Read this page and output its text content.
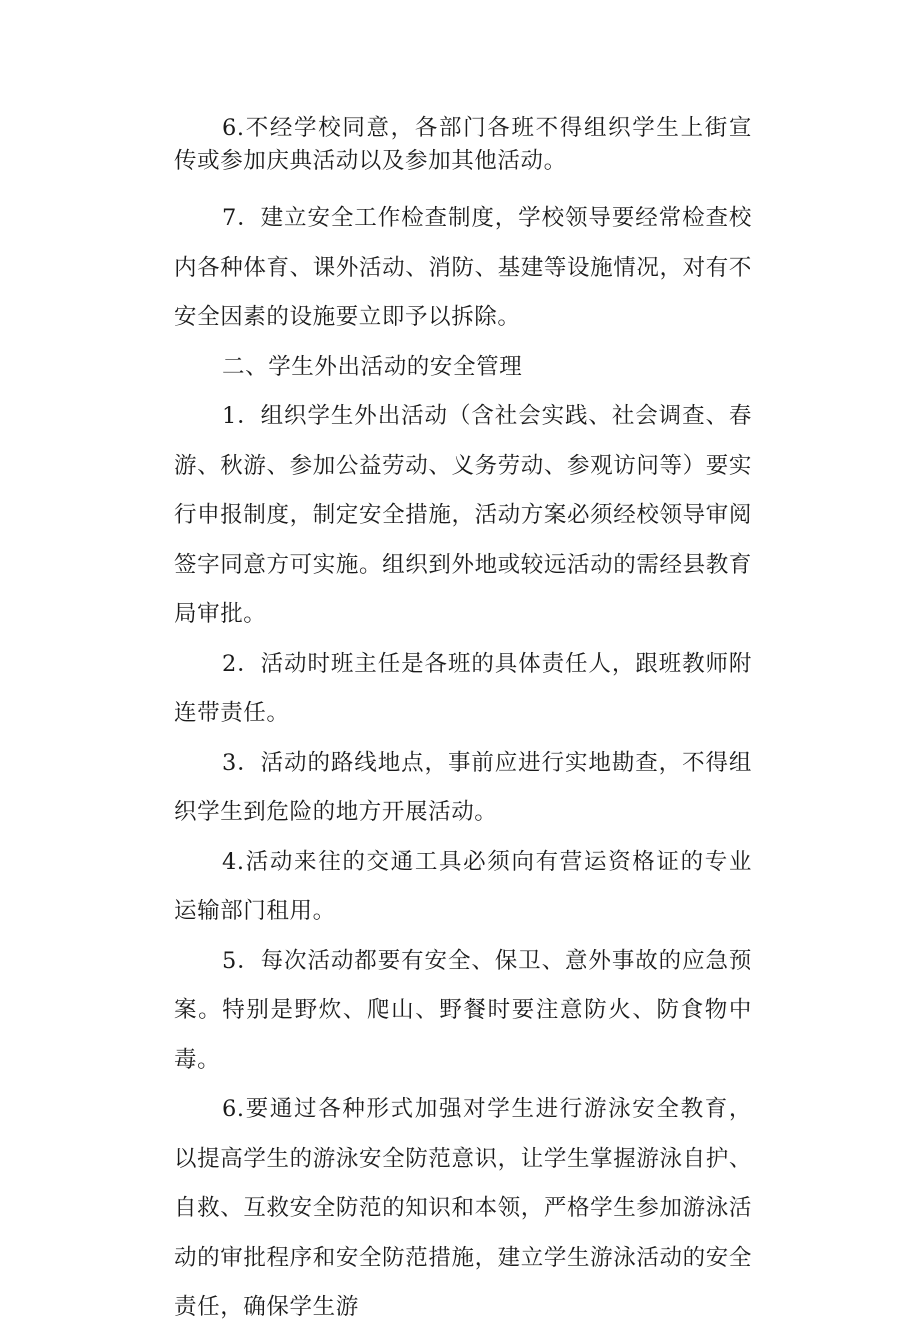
6.不经学校同意，各部门各班不得组织学生上街宣传或参加庆典活动以及参加其他活动。

7．建立安全工作检查制度，学校领导要经常检查校内各种体育、课外活动、消防、基建等设施情况，对有不安全因素的设施要立即予以拆除。

二、学生外出活动的安全管理

1．组织学生外出活动（含社会实践、社会调查、春游、秋游、参加公益劳动、义务劳动、参观访问等）要实行申报制度，制定安全措施，活动方案必须经校领导审阅签字同意方可实施。组织到外地或较远活动的需经县教育局审批。

2．活动时班主任是各班的具体责任人，跟班教师附连带责任。

3．活动的路线地点，事前应进行实地勘查，不得组织学生到危险的地方开展活动。

4.活动来往的交通工具必须向有营运资格证的专业运输部门租用。

5．每次活动都要有安全、保卫、意外事故的应急预案。特别是野炊、爬山、野餐时要注意防火、防食物中毒。

6.要通过各种形式加强对学生进行游泳安全教育，以提高学生的游泳安全防范意识，让学生掌握游泳自护、自救、互救安全防范的知识和本领，严格学生参加游泳活动的审批程序和安全防范措施，建立学生游泳活动的安全责任，确保学生游
